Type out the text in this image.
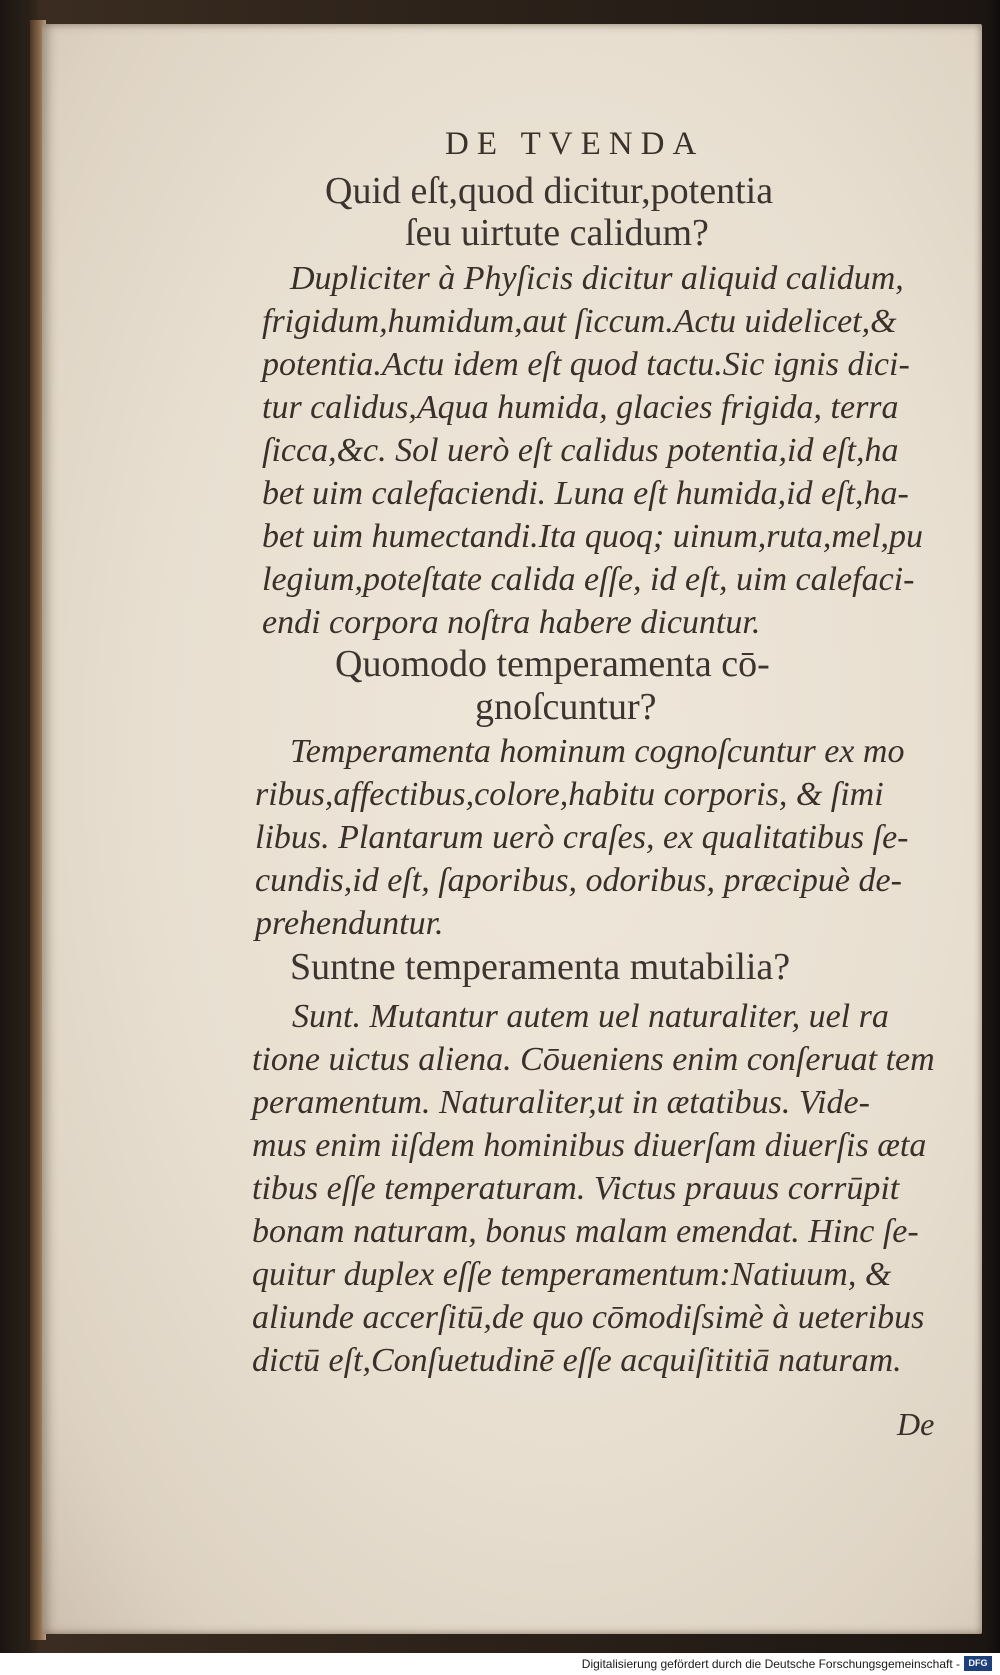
DE TVENDA

Quid eſt,quod dicitur,potentia

ſeu uirtute calidum?

Dupliciter à Phyſicis dicitur aliquid calidum,

frigidum,humidum,aut ſiccum.Actu uidelicet,&

potentia.Actu idem eſt quod tactu.Sic ignis dici-

tur calidus,Aqua humida, glacies frigida, terra

ſicca,&c. Sol uerò eſt calidus potentia,id eſt,ha

bet uim calefaciendi. Luna eſt humida,id eſt,ha-

bet uim humectandi.Ita quoq; uinum,ruta,mel,pu

legium,poteſtate calida eſſe, id eſt, uim calefaci-

endi corpora noſtra habere dicuntur.

Quomodo temperamenta cō-

gnoſcuntur?

Temperamenta hominum cognoſcuntur ex mo

ribus,affectibus,colore,habitu corporis, & ſimi

libus. Plantarum uerò craſes, ex qualitatibus ſe-

cundis,id eſt, ſaporibus, odoribus, præcipuè de-

prehenduntur.

Suntne temperamenta mutabilia?

Sunt. Mutantur autem uel naturaliter, uel ra

tione uictus aliena. Cōueniens enim conſeruat tem

peramentum. Naturaliter,ut in ætatibus. Vide-

mus enim iiſdem hominibus diuerſam diuerſis æta

tibus eſſe temperaturam. Victus prauus corrūpit

bonam naturam, bonus malam emendat. Hinc ſe-

quitur duplex eſſe temperamentum:Natiuum, &

aliunde accerſitū,de quo cōmodiſsimè à ueteribus

dictū eſt,Conſuetudinē eſſe acquiſititiā naturam.

De

Digitalisierung gefördert durch die Deutsche Forschungsgemeinschaft - DFG
